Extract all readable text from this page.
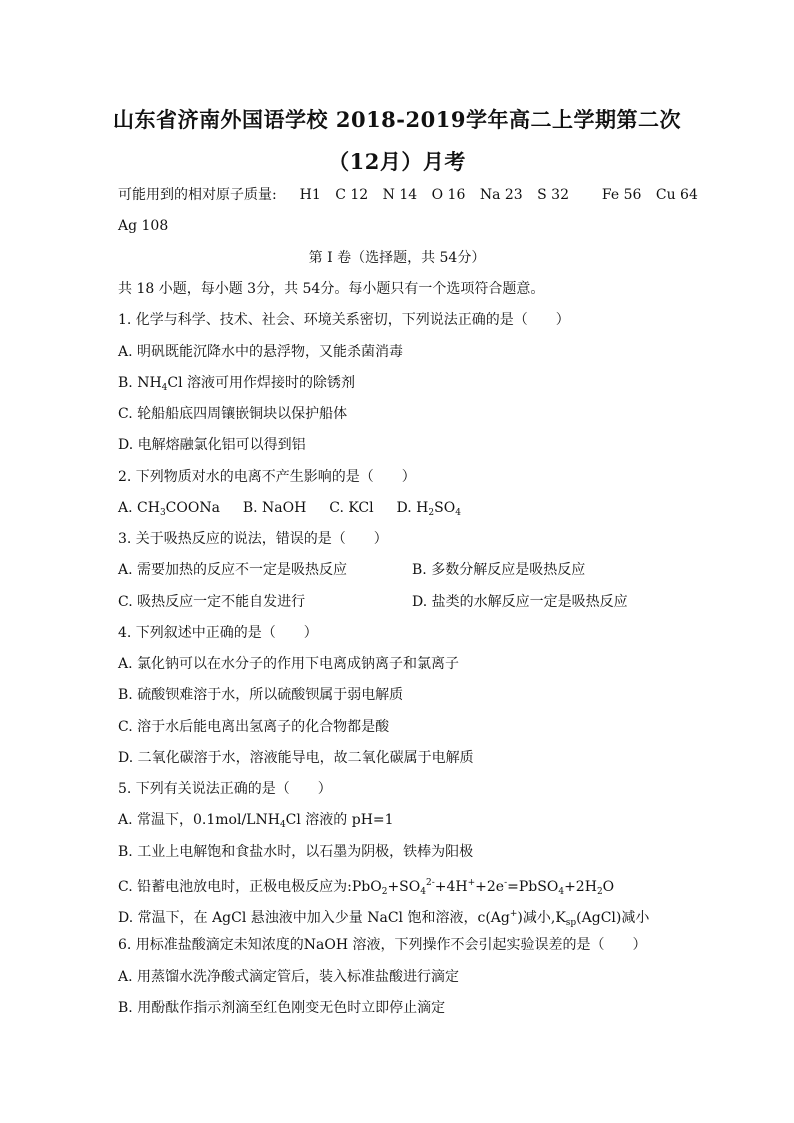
山东省济南外国语学校 2018-2019学年高二上学期第二次
（12月）月考
可能用到的相对原子质量: H1 C 12 N 14 O 16 Na 23 S 32 Fe 56 Cu 64
Ag 108
第 I 卷（选择题，共 54分）
共 18 小题，每小题 3分，共 54分。每小题只有一个选项符合题意。
1. 化学与科学、技术、社会、环境关系密切，下列说法正确的是（　　）
A. 明矾既能沉降水中的悬浮物，又能杀菌消毒
B. $NH_4Cl$ 溶液可用作焊接时的除锈剂
C. 轮船船底四周镶嵌铜块以保护船体
D. 电解熔融氯化铝可以得到铝
2. 下列物质对水的电离不产生影响的是（　　）
A. $CH_3COONa$ B. NaOH C. KCl D. $H_2SO_4$
3. 关于吸热反应的说法，错误的是（　　）
A. 需要加热的反应不一定是吸热反应	B. 多数分解反应是吸热反应
C. 吸热反应一定不能自发进行	D. 盐类的水解反应一定是吸热反应
4. 下列叙述中正确的是（　　）
A. 氯化钠可以在水分子的作用下电离成钠离子和氯离子
B. 硫酸钡难溶于水，所以硫酸钡属于弱电解质
C. 溶于水后能电离出氢离子的化合物都是酸
D. 二氧化碳溶于水，溶液能导电，故二氧化碳属于电解质
5. 下列有关说法正确的是（　　）
A. 常温下，$0.1mol/LNH_4Cl$ 溶液的 pH=1
B. 工业上电解饱和食盐水时，以石墨为阴极，铁棒为阳极
C. 铅蓄电池放电时，正极电极反应为$:PbO_2+SO_4^{2-}+4H^++2e^-=PbSO_4+2H_2O$
D. 常温下，在 AgCl 悬浊液中加入少量 NaCl 饱和溶液，c(Ag+)减小$,K_{sp}(AgCl)$减小
6. 用标准盐酸滴定未知浓度的NaOH 溶液，下列操作不会引起实验误差的是（　　）
A. 用蒸馏水洗净酸式滴定管后，装入标准盐酸进行滴定
B. 用酚酞作指示剂滴至红色刚变无色时立即停止滴定
